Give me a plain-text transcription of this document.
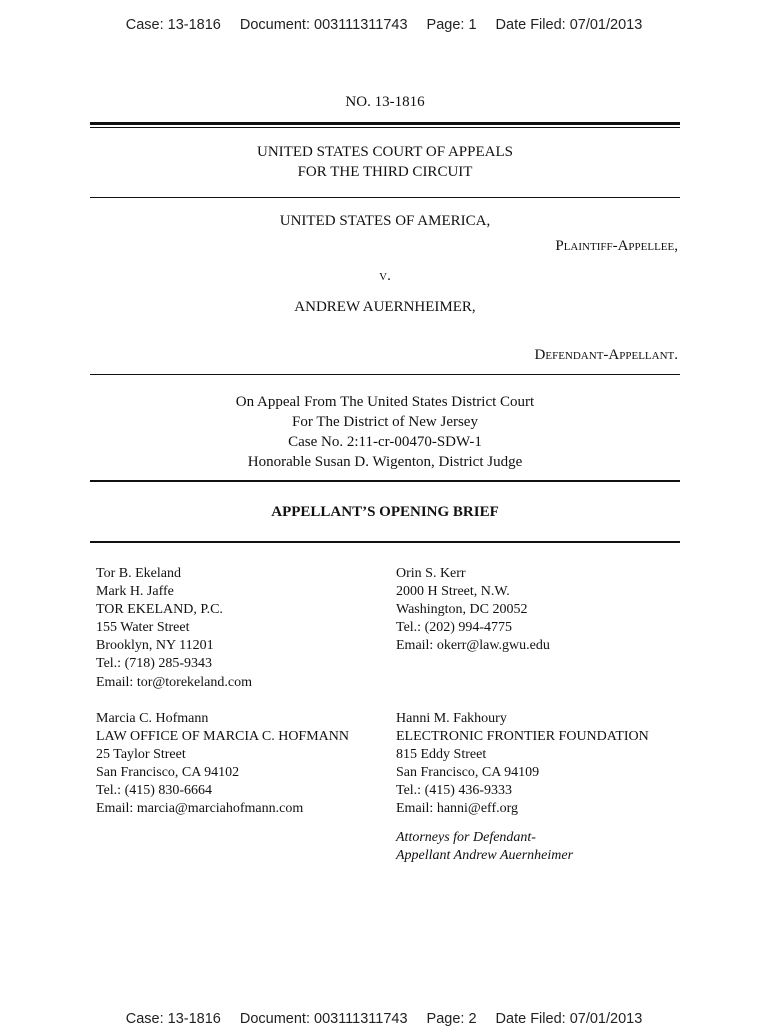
Case: 13-1816 Document: 003111311743 Page: 1 Date Filed: 07/01/2013
NO. 13-1816
UNITED STATES COURT OF APPEALS
FOR THE THIRD CIRCUIT
UNITED STATES OF AMERICA,
Plaintiff-Appellee,
v.
ANDREW AUERNHEIMER,
Defendant-Appellant.
On Appeal From The United States District Court
For The District of New Jersey
Case No. 2:11-cr-00470-SDW-1
Honorable Susan D. Wigenton, District Judge
APPELLANT’S OPENING BRIEF
Tor B. Ekeland
Mark H. Jaffe
TOR EKELAND, P.C.
155 Water Street
Brooklyn, NY 11201
Tel.: (718) 285-9343
Email: tor@torekeland.com
Orin S. Kerr
2000 H Street, N.W.
Washington, DC 20052
Tel.: (202) 994-4775
Email: okerr@law.gwu.edu
Marcia C. Hofmann
LAW OFFICE OF MARCIA C. HOFMANN
25 Taylor Street
San Francisco, CA 94102
Tel.: (415) 830-6664
Email: marcia@marciahofmann.com
Hanni M. Fakhoury
ELECTRONIC FRONTIER FOUNDATION
815 Eddy Street
San Francisco, CA 94109
Tel.: (415) 436-9333
Email: hanni@eff.org
Attorneys for Defendant-
Appellant Andrew Auernheimer
Case: 13-1816 Document: 003111311743 Page: 2 Date Filed: 07/01/2013
